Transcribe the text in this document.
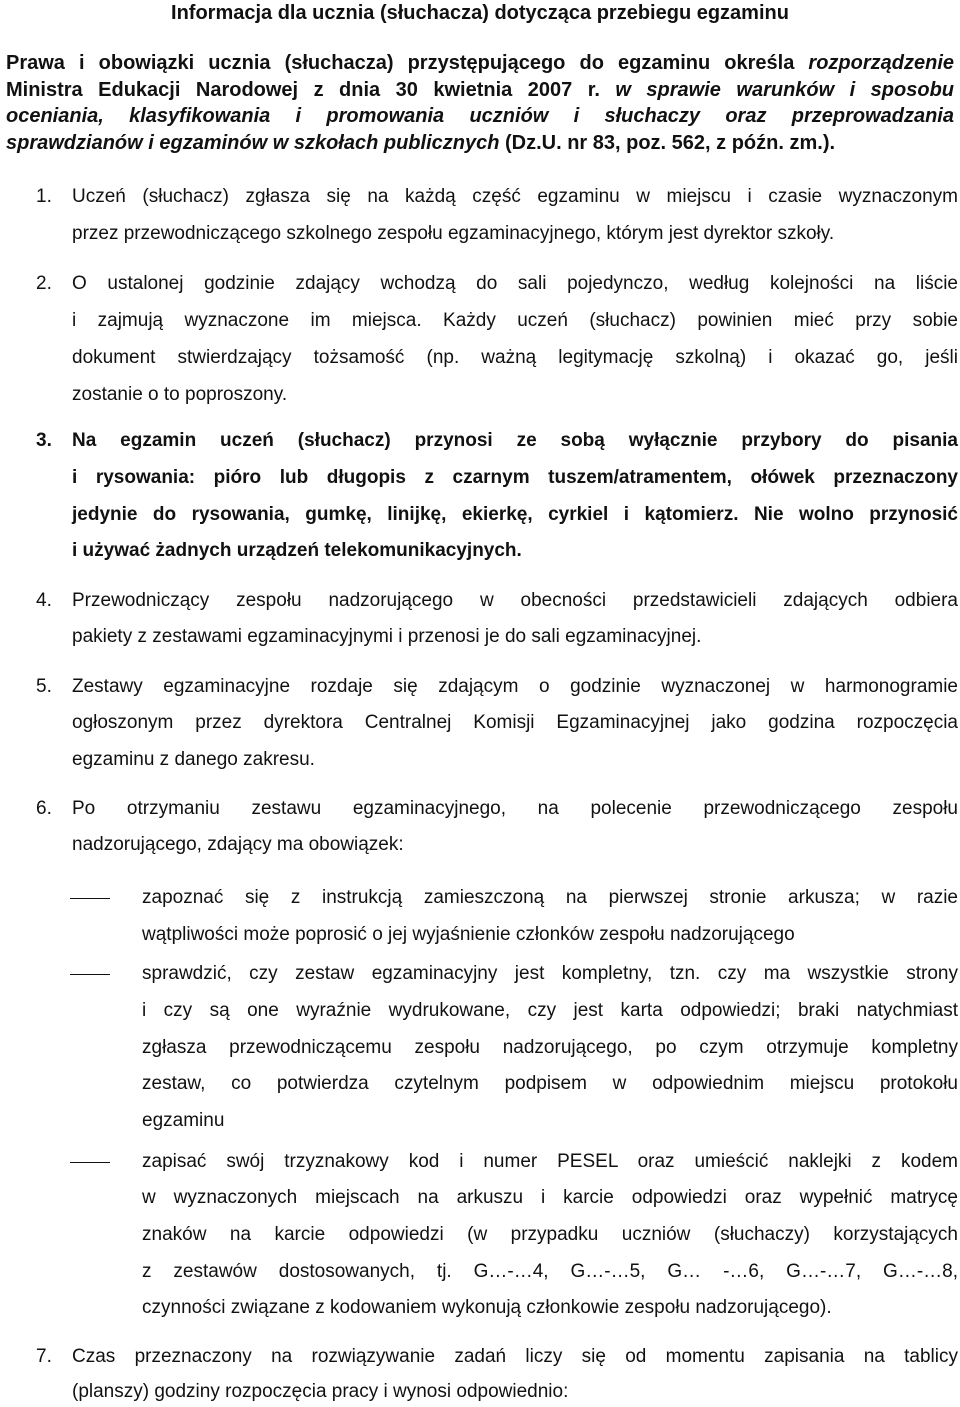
Informacja dla ucznia (słuchacza) dotycząca przebiegu egzaminu
Prawa i obowiązki ucznia (słuchacza) przystępującego do egzaminu określa rozporządzenie
Ministra Edukacji Narodowej z dnia 30 kwietnia 2007 r. w sprawie warunków i sposobu
oceniania, klasyfikowania i promowania uczniów i słuchaczy oraz przeprowadzania
sprawdzianów i egzaminów w szkołach publicznych (Dz.U. nr 83, poz. 562, z późn. zm.).
1. Uczeń (słuchacz) zgłasza się na każdą część egzaminu w miejscu i czasie wyznaczonym
przez przewodniczącego szkolnego zespołu egzaminacyjnego, którym jest dyrektor szkoły.
2. O ustalonej godzinie zdający wchodzą do sali pojedynczo, według kolejności na liście
i zajmują wyznaczone im miejsca. Każdy uczeń (słuchacz) powinien mieć przy sobie
dokument stwierdzający tożsamość (np. ważną legitymację szkolną) i okazać go, jeśli
zostanie o to poproszony.
3. Na egzamin uczeń (słuchacz) przynosi ze sobą wyłącznie przybory do pisania
i rysowania: pióro lub długopis z czarnym tuszem/atramentem, ołówek przeznaczony
jedynie do rysowania, gumkę, linijkę, ekierkę, cyrkiel i kątomierz. Nie wolno przynosić
i używać żadnych urządzeń telekomunikacyjnych.
4. Przewodniczący zespołu nadzorującego w obecności przedstawicieli zdających odbiera
pakiety z zestawami egzaminacyjnymi i przenosi je do sali egzaminacyjnej.
5. Zestawy egzaminacyjne rozdaje się zdającym o godzinie wyznaczonej w harmonogramie
ogłoszonym przez dyrektora Centralnej Komisji Egzaminacyjnej jako godzina rozpoczęcia
egzaminu z danego zakresu.
6. Po otrzymaniu zestawu egzaminacyjnego, na polecenie przewodniczącego zespołu
nadzorującego, zdający ma obowiązek:
zapoznać się z instrukcją zamieszczoną na pierwszej stronie arkusza; w razie
wątpliwości może poprosić o jej wyjaśnienie członków zespołu nadzorującego
sprawdzić, czy zestaw egzaminacyjny jest kompletny, tzn. czy ma wszystkie strony
i czy są one wyraźnie wydrukowane, czy jest karta odpowiedzi; braki natychmiast
zgłasza przewodniczącemu zespołu nadzorującego, po czym otrzymuje kompletny
zestaw, co potwierdza czytelnym podpisem w odpowiednim miejscu protokołu
egzaminu
zapisać swój trzyznakowy kod i numer PESEL oraz umieścić naklejki z kodem
w wyznaczonych miejscach na arkuszu i karcie odpowiedzi oraz wypełnić matrycę
znaków na karcie odpowiedzi (w przypadku uczniów (słuchaczy) korzystających
z zestawów dostosowanych, tj. G…-…4, G…-…5, G… -…6, G…-…7, G…-…8,
czynności związane z kodowaniem wykonują członkowie zespołu nadzorującego).
7. Czas przeznaczony na rozwiązywanie zadań liczy się od momentu zapisania na tablicy
(planszy) godziny rozpoczęcia pracy i wynosi odpowiednio:
